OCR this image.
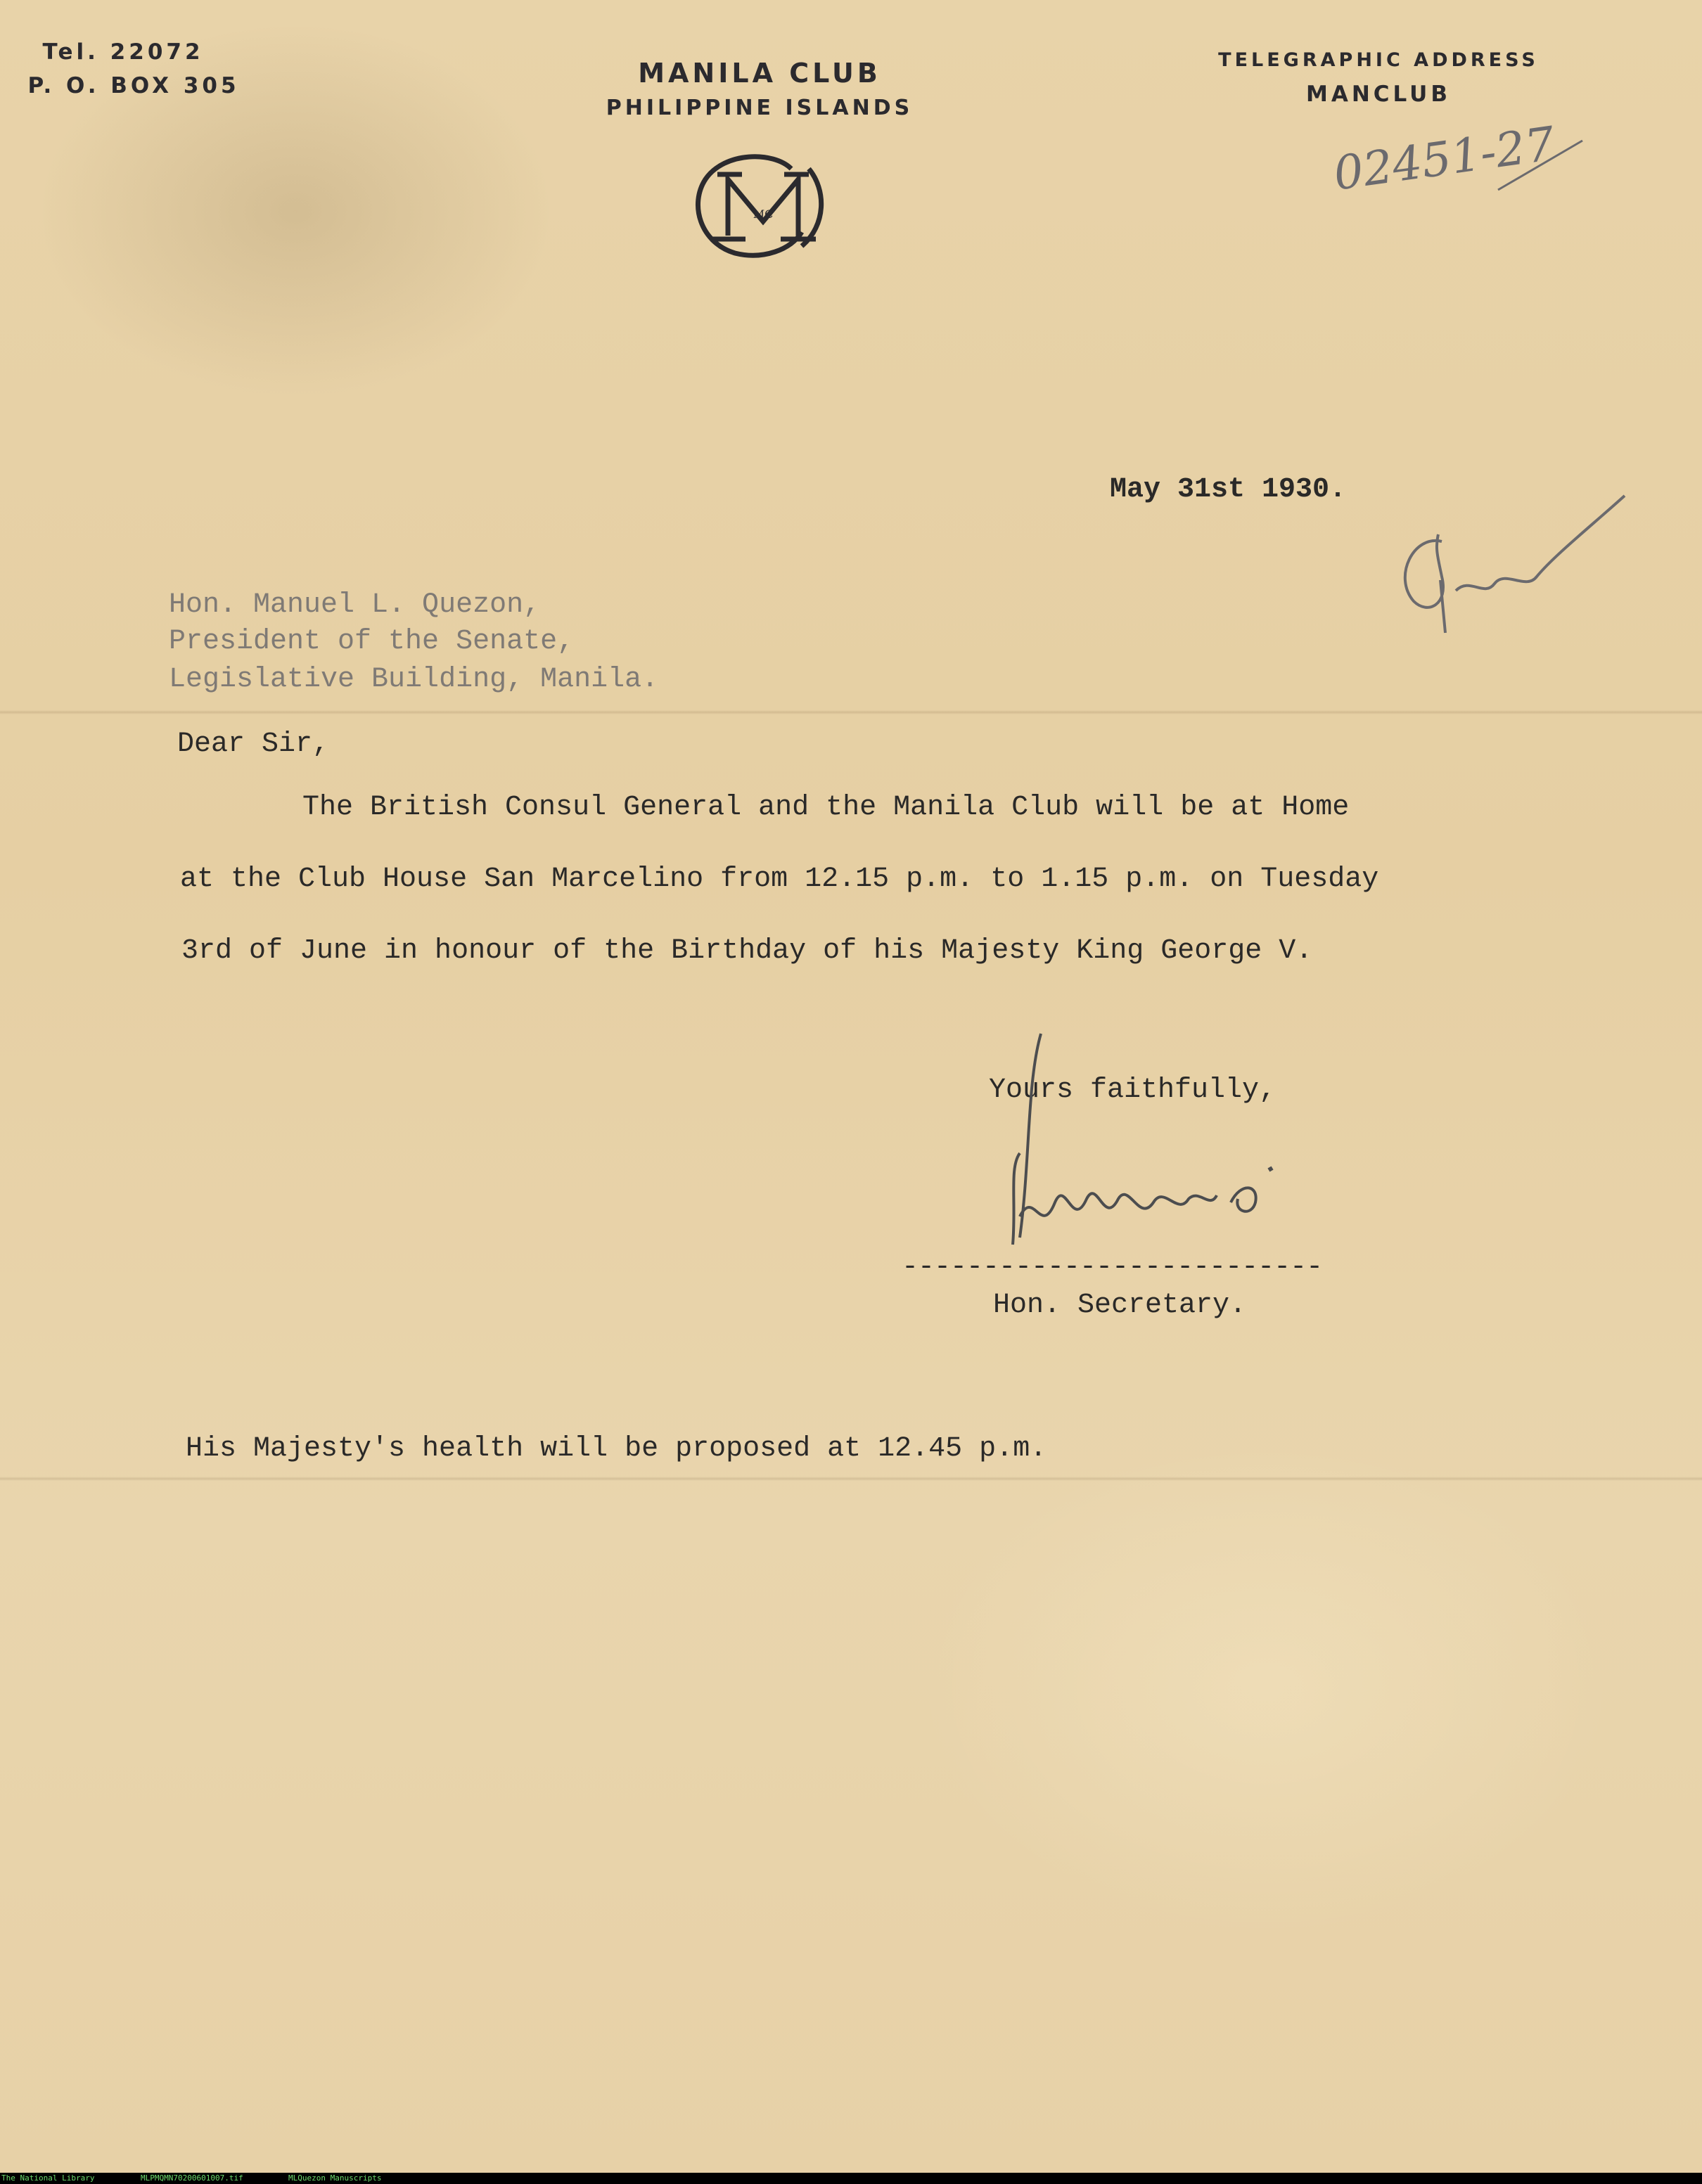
Tel. 22072
P. O. BOX 305	MANILA CLUB
PHILIPPINE ISLANDS
TELEGRAPHIC ADDRESS
MANCLUB
MC
02451-27
May 31st 1930.	Q
Hon. Manuel L. Quezon,
President of the Senate,
Legislative Building, Manila.
Dear Sir,
The British Consul General and the Manila Club will be at Home
at the Club House San Marcelino from 12.15 p.m. to 1.15 p.m. on Tuesday
3rd of June in honour of the Birthday of his Majesty King George V.
Yours faithfully,
Gonzalo
--------------------------
Hon. Secretary.
His Majesty's health will be proposed at 12.45 p.m.
The National Library	MLPMQMN70200601007.tif	MLQuezon Manuscripts
